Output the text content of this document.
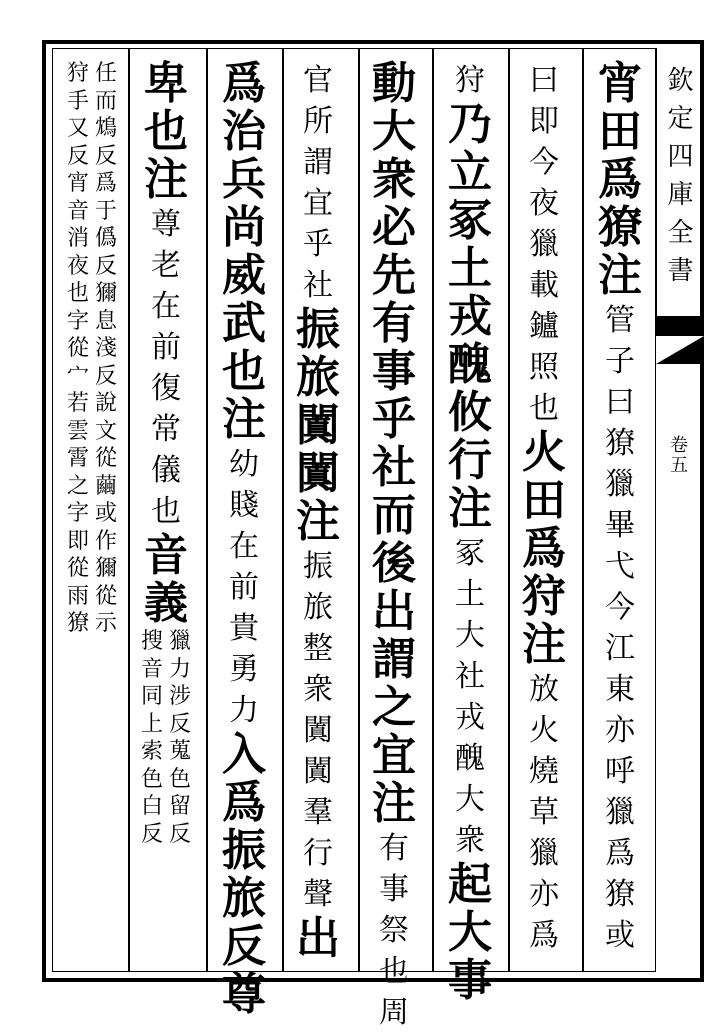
欽
定
四
庫
全
書
卷
五
宵
田
爲
獠
注
管
子
曰
獠
獵
畢
弋
今
江
東
亦
呼
獵
爲
獠
或
曰
即
今
夜
獵
載
鑪
照
也
火
田
爲
狩
注
放
火
燒
草
獵
亦
爲
狩
乃
立
冢
土
戎
醜
攸
行
注
冢
土
大
社
戎
醜
大
衆
起
大
事
動
大
衆
必
先
有
事
乎
社
而
後
出
謂
之
宜
注
有
事
祭
也
周
官
所
謂
宜
乎
社
振
旅
闐
闐
注
振
旅
整
衆
闐
闐
羣
行
聲
出
爲
治
兵
尚
威
武
也
注
幼
賤
在
前
貴
勇
力
入
爲
振
旅
反
尊
卑
也
注
尊
老
在
前
復
常
儀
也
音
義
獵
力
涉
反
蒐
色
留
反
搜
音
同
上
索
色
白
反
任
而
鴆
反
爲
于
僞
反
獮
息
淺
反
說
文
從
繭
或
作
獮
從
示
狩
手
又
反
宵
音
消
夜
也
字
從
宀
若
雲
霄
之
字
即
從
雨
獠
